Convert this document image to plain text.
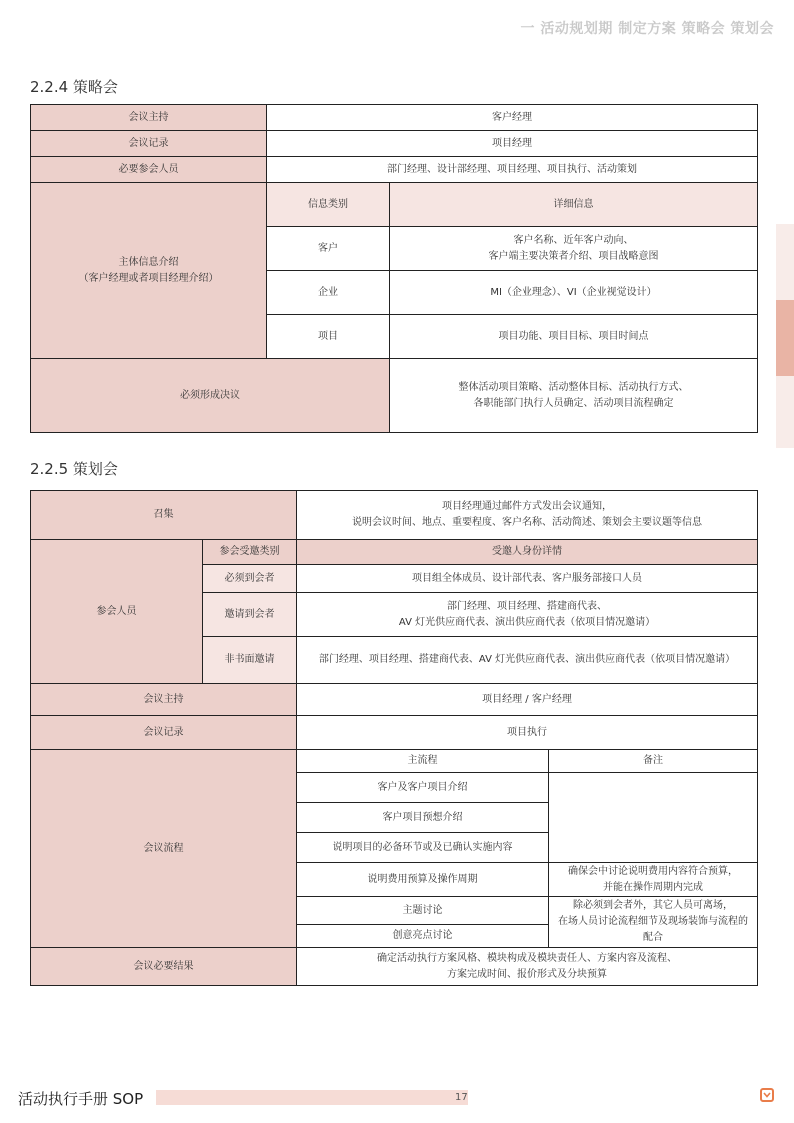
一 活动规划期 制定方案 策略会 策划会
2.2.4 策略会
会议主持	客户经理	
会议记录	项目经理	
必要参会人员	部门经理、设计部经理、项目经理、项目执行、活动策划	

主体信息介绍
（客户经理或者项目经理介绍）	信息类别	详细信息
	客户	客户名称、近年客户动向、
客户端主要决策者介绍、项目战略意图

	企业	MI（企业理念）、VI（企业视觉设计）
	项目	项目功能、项目目标、项目时间点
必须形成决议		整体活动项目策略、活动整体目标、活动执行方式、
各职能部门执行人员确定、活动项目流程确定
2.2.5 策划会
召集		项目经理通过邮件方式发出会议通知，
说明会议时间、地点、重要程度、客户名称、活动简述、策划会主要议题等信息	

参会人员	参会受邀类别	受邀人身份详情	
	必须到会者	项目组全体成员、设计部代表、客户服务部接口人员	
	邀请到会者	部门经理、项目经理、搭建商代表、
AV 灯光供应商代表、演出供应商代表（依项目情况邀请）	

	非书面邀请	部门经理、项目经理、搭建商代表、AV 灯光供应商代表、演出供应商代表（依项目情况邀请）	
会议主持		项目经理 / 客户经理	
会议记录		项目执行	
会议流程		主流程	备注
		客户及客户项目介绍	
		客户项目预想介绍	
		说明项目的必备环节或及已确认实施内容	
		说明费用预算及操作周期	确保会中讨论说明费用内容符合预算，
并能在操作周期内完成

		主题讨论	除必须到会者外，其它人员可离场，
在场人员讨论流程细节及现场装饰与流程的
配合

		创意亮点讨论	
会议必要结果		确定活动执行方案风格、模块构成及模块责任人、方案内容及流程、
方案完成时间、报价形式及分块预算	
活动执行手册 SOP	17
